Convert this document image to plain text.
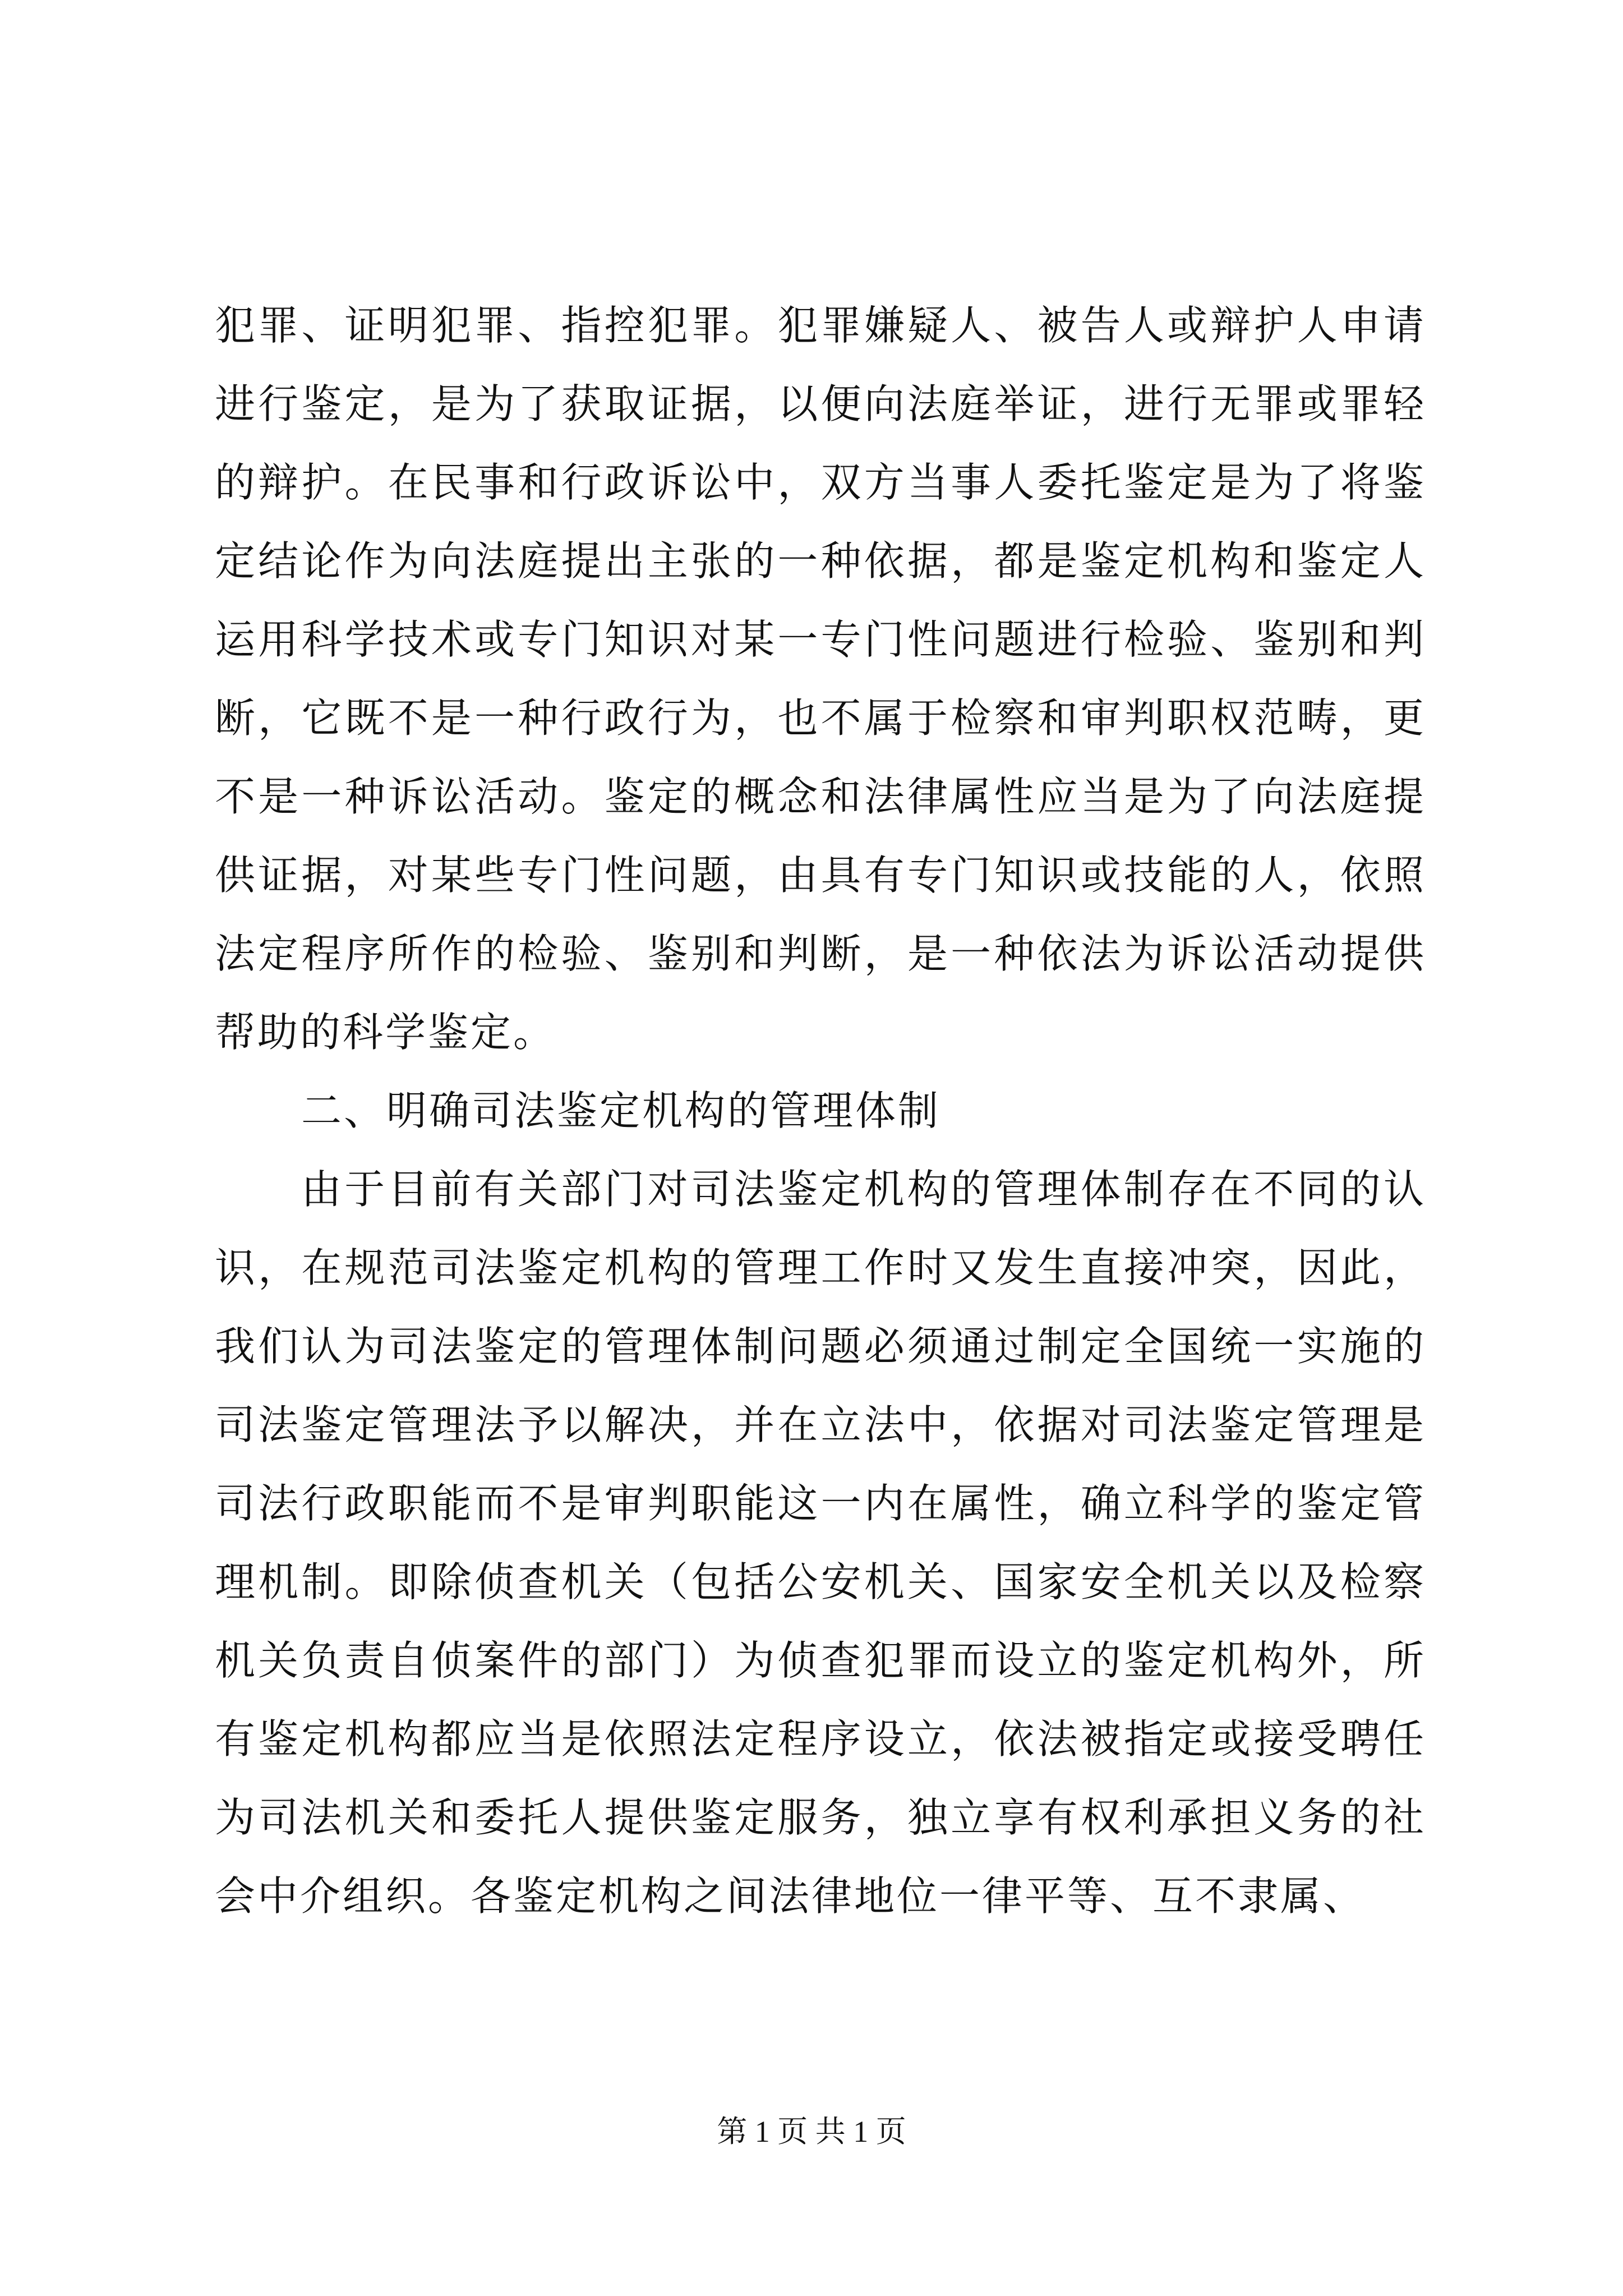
犯罪、证明犯罪、指控犯罪。犯罪嫌疑人、被告人或辩护人申请进行鉴定，是为了获取证据，以便向法庭举证，进行无罪或罪轻的辩护。在民事和行政诉讼中，双方当事人委托鉴定是为了将鉴定结论作为向法庭提出主张的一种依据，都是鉴定机构和鉴定人运用科学技术或专门知识对某一专门性问题进行检验、鉴别和判断，它既不是一种行政行为，也不属于检察和审判职权范畴，更不是一种诉讼活动。鉴定的概念和法律属性应当是为了向法庭提供证据，对某些专门性问题，由具有专门知识或技能的人，依照法定程序所作的检验、鉴别和判断，是一种依法为诉讼活动提供帮助的科学鉴定。

二、明确司法鉴定机构的管理体制

由于目前有关部门对司法鉴定机构的管理体制存在不同的认识，在规范司法鉴定机构的管理工作时又发生直接冲突，因此，我们认为司法鉴定的管理体制问题必须通过制定全国统一实施的司法鉴定管理法予以解决，并在立法中，依据对司法鉴定管理是司法行政职能而不是审判职能这一内在属性，确立科学的鉴定管理机制。即除侦查机关（包括公安机关、国家安全机关以及检察机关负责自侦案件的部门）为侦查犯罪而设立的鉴定机构外，所有鉴定机构都应当是依照法定程序设立，依法被指定或接受聘任为司法机关和委托人提供鉴定服务，独立享有权利承担义务的社会中介组织。各鉴定机构之间法律地位一律平等、互不隶属、

第 1 页 共 1 页
